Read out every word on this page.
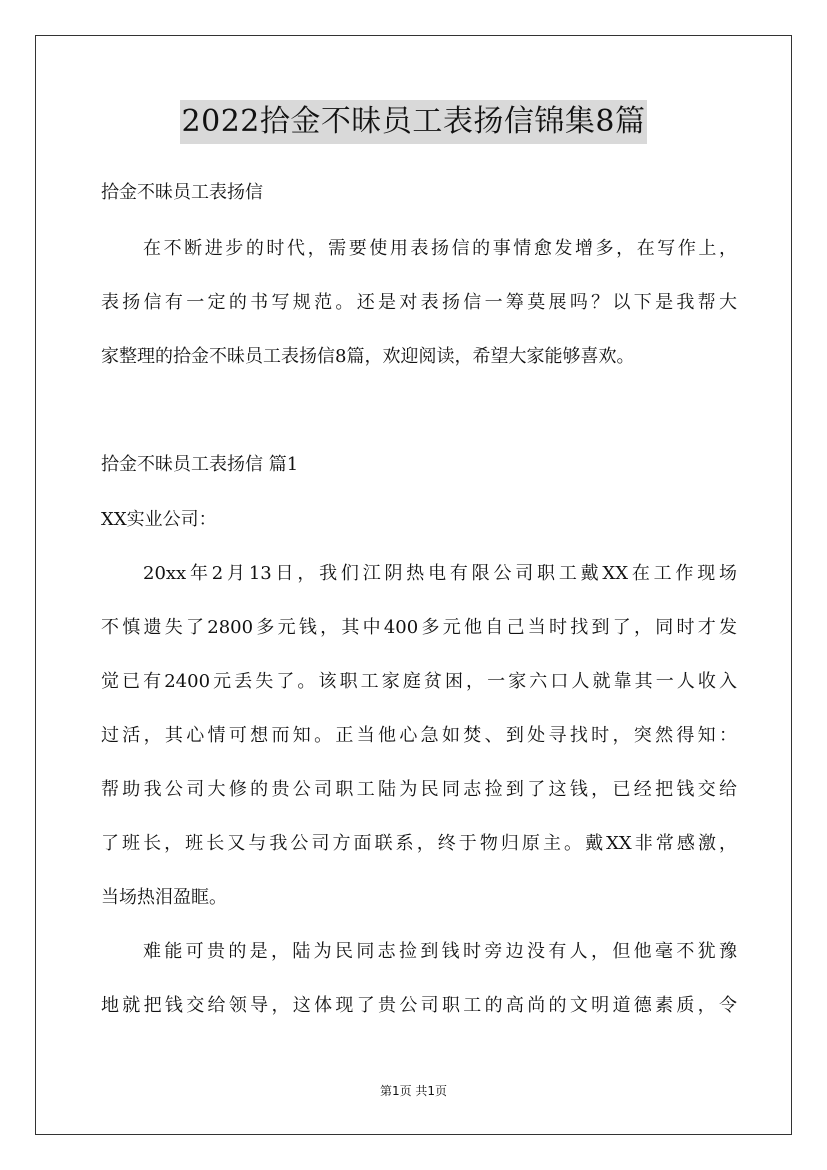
2022拾金不昧员工表扬信锦集8篇
拾金不昧员工表扬信
在不断进步的时代，需要使用表扬信的事情愈发增多，在写作上，
表扬信有一定的书写规范。还是对表扬信一筹莫展吗？以下是我帮大
家整理的拾金不昧员工表扬信8篇，欢迎阅读，希望大家能够喜欢。
拾金不昧员工表扬信 篇1
XX实业公司：
20xx年2月13日，我们江阴热电有限公司职工戴XX在工作现场
不慎遗失了2800多元钱，其中400多元他自己当时找到了，同时才发
觉已有2400元丢失了。该职工家庭贫困，一家六口人就靠其一人收入
过活，其心情可想而知。正当他心急如焚、到处寻找时，突然得知：
帮助我公司大修的贵公司职工陆为民同志捡到了这钱，已经把钱交给
了班长，班长又与我公司方面联系，终于物归原主。戴XX非常感激，
当场热泪盈眶。
难能可贵的是，陆为民同志捡到钱时旁边没有人，但他毫不犹豫
地就把钱交给领导，这体现了贵公司职工的高尚的文明道德素质，令
第1页 共1页
